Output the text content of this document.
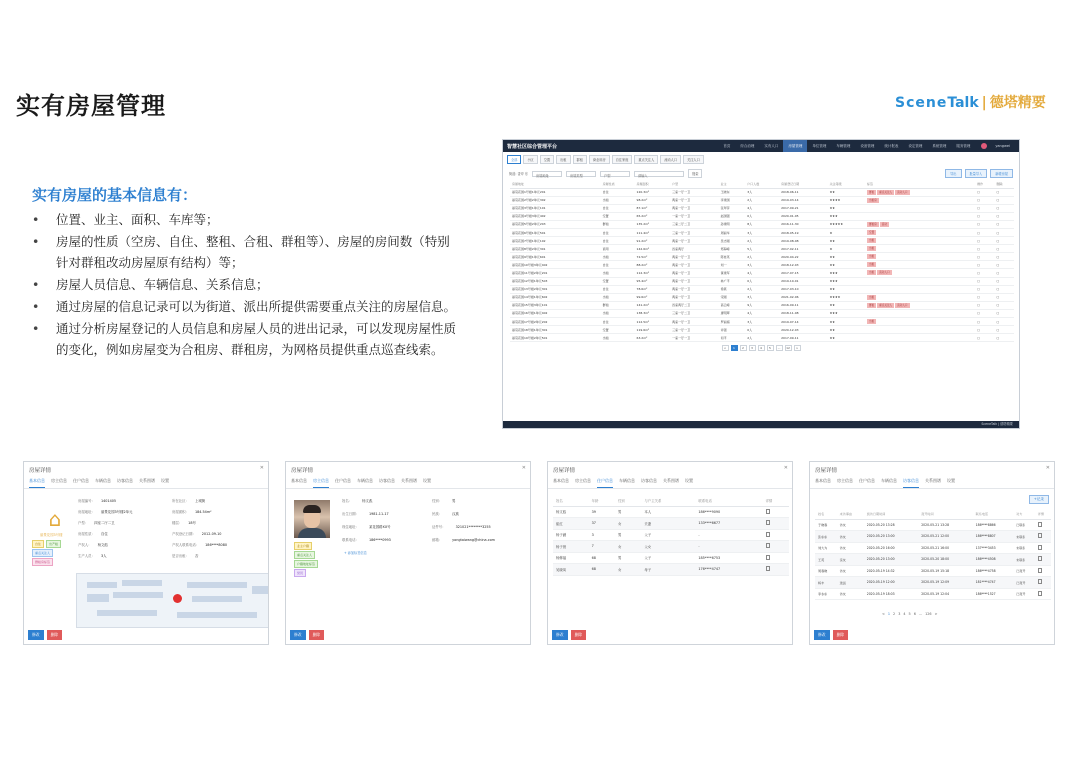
实有房屋管理	SceneTalk | 德塔精要
实有房屋的基本信息有：
• 位置、业主、面积、车库等；
• 房屋的性质（空房、自住、整租、合租、群租等）、房屋的房间数（特别针对群租改动房屋原有结构）等；
• 房屋人员信息、车辆信息、关系信息；
• 通过房屋的信息记录可以为街道、派出所提供需要重点关注的房屋信息。
• 通过分析房屋登记的人员信息和房屋人员的进出记录，可以发现房屋性质的变化，例如房屋变为合租房、群租房，为网格员提供重点巡查线索。
智慧社区综合管理平台	首页	综合治理	实有人口	房屋管理	单位管理	车辆管理	设备管理	统计报表	设定管理	系统管理	服务管理	yangwei
全部	小区	空置	出租	群租	商业用房	自住家庭	重点关注人	流动人口	关注人口
街道: 香岸 东	房屋地址	房屋类型	户型	请输入	搜索	导出	批量导入	新增房屋
房屋地址	房屋性质	房屋面积	户型	业主	户口人数	房屋登记日期	关注等级	标签	操作	删除
丽景花园1号楼1单元201	自住	120.3m²	三室一厅一卫	王晓东	3人	2018-06-11	★★	群租 重点关注人 流动人口	▢	▢
丽景花园2号楼2单元302	出租	98.2m²	两室一厅一卫	李建国	2人	2019-03-14	★★★★	出租房	▢	▢
丽景花园3号楼1单元101	自住	87.1m²	两室一厅一卫	张翠萍	4人	2017-09-21	★★		▢	▢
丽景花园4号楼3单元402	空置	65.2m²	一室一厅一卫	赵国强	0人	2020-01-05	★★★		▢	▢
丽景花园5号楼2单元203	群租	135.2m²	三室二厅二卫	孙建明	8人	2016-11-30	★★★★★	群租房 流动	▢	▢
丽景花园6号楼1单元501	自住	111.4m²	三室一厅一卫	周丽华	3人	2018-05-19	★	空置	▢	▢
丽景花园7号楼1单元102	自住	91.2m²	两室一厅一卫	吴志刚	2人	2019-08-08	★★	出租	▢	▢
丽景花园8号楼2单元301	商用	142.6m²	四室两厅	郑海峰	5人	2017-02-11	★	出租	▢	▢
丽景花园9号楼1单元601	出租	72.5m²	两室一厅一卫	陈桂英	2人	2020-04-22	★★	出租	▢	▢
丽景花园10号楼3单元402	自住	88.2m²	两室一厅一卫	刘一	3人	2018-12-03	★★	出租	▢	▢
丽景花园11号楼2单元201	出租	112.3m²	两室一厅一卫	黄建军	4人	2017-07-15	★★★	出租 流动人口	▢	▢
丽景花园12号楼1单元503	空置	95.4m²	两室一厅一卫	林广平	0人	2019-10-01	★★★		▢	▢
丽景花园13号楼2单元301	自住	78.6m²	两室一厅一卫	徐燕	2人	2017-03-10	★★		▢	▢
丽景花园14号楼1单元602	出租	99.6m²	两室一厅一卫	宋刚	3人	2021-02-06	★★★★	出租	▢	▢
丽景花园15号楼3单元101	群租	141.2m²	四室两厅二卫	高云峰	9人	2016-09-11	★★	群租 重点关注人 流动人口	▢	▢
丽景花园16号楼1单元402	出租	138.3m²	三室一厅二卫	唐明辉	4人	2018-11-08	★★★		▢	▢
丽景花园17号楼2单元202	自住	112.5m²	两室一厅一卫	罗丽娟	3人	2019-07-14	★★	出租	▢	▢
丽景花园18号楼1单元301	空置	119.6m²	三室一厅一卫	许强	0人	2020-12-03	★★		▢	▢
丽景花园19号楼2单元501	出租	63.2m²	一室一厅一卫	何平	2人	2017-09-11	★★		▢	▢
<	1	2	3	4	5	...	12	>
SceneTalk | 德塔精要
房屋详情	✕
基本信息 房主信息 住户信息 车辆信息 访客信息 关系图谱 设置
⌂
丽景花园3号楼
自住	出产租
重点关注人
群租房标签
房屋编号： 1401405
房屋地址： 丽景花园3号楼2单元
户型： 四室二厅二卫
房屋性质： 自住
产权人： 杨文彪
生产人员： 3人
所在社区： 上城街
房屋面积： 184.54m²
楼层： 18号
产权登记日期： 2012-09-10
产权人联系电话： 186****8080
是否出租： 否
修改	删除
房屋详情	✕
基本信息 房主信息 住户信息 车辆信息 访客信息 关系图谱 设置
业主户籍
重点关注人
户籍地址标签
党员
+ 添加标签信息
姓名：	杨文彪
出生日期：	1981-11-17
现住地址：	某花园路XX号
联系电话：	186****0993
性别：	男
民族：	汉族
证件号：	321021********3255
邮箱：	yongtaiwang@china.com
修改	删除
房屋详情	✕
基本信息 房主信息 住户信息 车辆信息 访客信息 关系图谱 设置
姓名	年龄	性别	与户主关系	联系电话	详情
杨文彪	39	男	本人	186****9090	
崔红	37	女	夫妻	133****6677	
杨子涵	3	男	父子	-	
杨子萱	7	女	父女	-	
杨修福	68	男	父子	185****6753	
吴晓凤	68	女	母子	176****4747	
修改	删除
房屋详情	✕
基本信息 房主信息 住户信息 车辆信息 访客信息 关系图谱 设置
+记录
姓名	来访事由	到访日期时间	离开时间	联系电话	对方	详情
于晓春	访友	2020-05-20 13:28	2020-05-21 13:28	186****8866	已联系	
张东东	访友	2020-05-20 13:00	2020-05-21 12:00	186****8807	未联系	
刘大为	访友	2020-05-20 16:00	2020-05-21 16:00	137****3453	未联系	
王英	亲友	2020-05-20 13:00	2020-05-20 18:00	186****4508	未联系	
周春晓	访友	2020-05-19 14:32	2020-05-19 15:18	186****4758	已离开	
杨丰	送货	2020-05-19 12:00	2020-05-19 12:09	181****4747	已离开	
李永东	访友	2020-05-19 18:03	2020-05-19 12:04	186****1527	已离开	
< 1 2 3 4 5 6 ... 126 >
修改	删除
